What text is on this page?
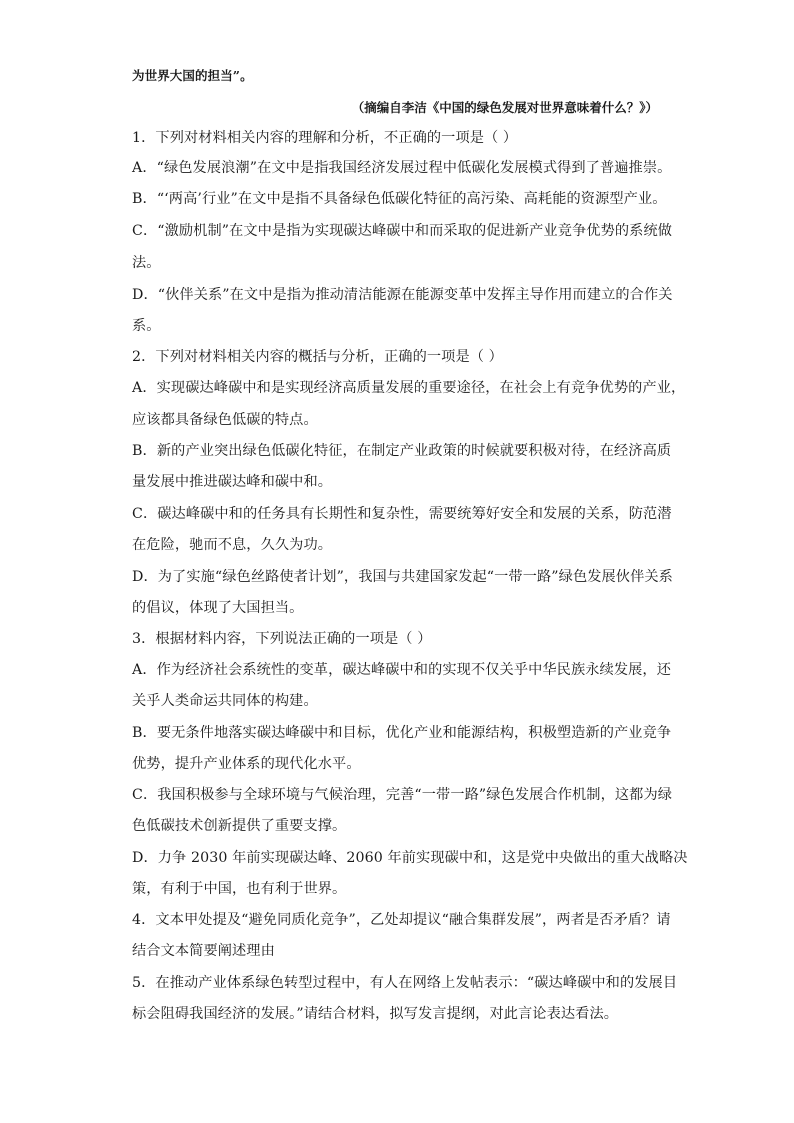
为世界大国的担当”。
（摘编自李洁《中国的绿色发展对世界意味着什么？》）
1．下列对材料相关内容的理解和分析，不正确的一项是（ ）
A．“绿色发展浪潮”在文中是指我国经济发展过程中低碳化发展模式得到了普遍推崇。
B．“‘两高’行业”在文中是指不具备绿色低碳化特征的高污染、高耗能的资源型产业。
C．“激励机制”在文中是指为实现碳达峰碳中和而采取的促进新产业竞争优势的系统做
法。
D．“伙伴关系”在文中是指为推动清洁能源在能源变革中发挥主导作用而建立的合作关
系。
2．下列对材料相关内容的概括与分析，正确的一项是（ ）
A．实现碳达峰碳中和是实现经济高质量发展的重要途径，在社会上有竞争优势的产业，
应该都具备绿色低碳的特点。
B．新的产业突出绿色低碳化特征，在制定产业政策的时候就要积极对待，在经济高质
量发展中推进碳达峰和碳中和。
C．碳达峰碳中和的任务具有长期性和复杂性，需要统筹好安全和发展的关系，防范潜
在危险，驰而不息，久久为功。
D．为了实施“绿色丝路使者计划”，我国与共建国家发起“一带一路”绿色发展伙伴关系
的倡议，体现了大国担当。
3．根据材料内容，下列说法正确的一项是（ ）
A．作为经济社会系统性的变革，碳达峰碳中和的实现不仅关乎中华民族永续发展，还
关乎人类命运共同体的构建。
B．要无条件地落实碳达峰碳中和目标，优化产业和能源结构，积极塑造新的产业竞争
优势，提升产业体系的现代化水平。
C．我国积极参与全球环境与气候治理，完善“一带一路”绿色发展合作机制，这都为绿
色低碳技术创新提供了重要支撑。
D．力争 2030 年前实现碳达峰、2060 年前实现碳中和，这是党中央做出的重大战略决
策，有利于中国，也有利于世界。
4．文本甲处提及“避免同质化竞争”，乙处却提议“融合集群发展”，两者是否矛盾？请
结合文本简要阐述理由
5．在推动产业体系绿色转型过程中，有人在网络上发帖表示：“碳达峰碳中和的发展目
标会阻碍我国经济的发展。”请结合材料，拟写发言提纲，对此言论表达看法。
